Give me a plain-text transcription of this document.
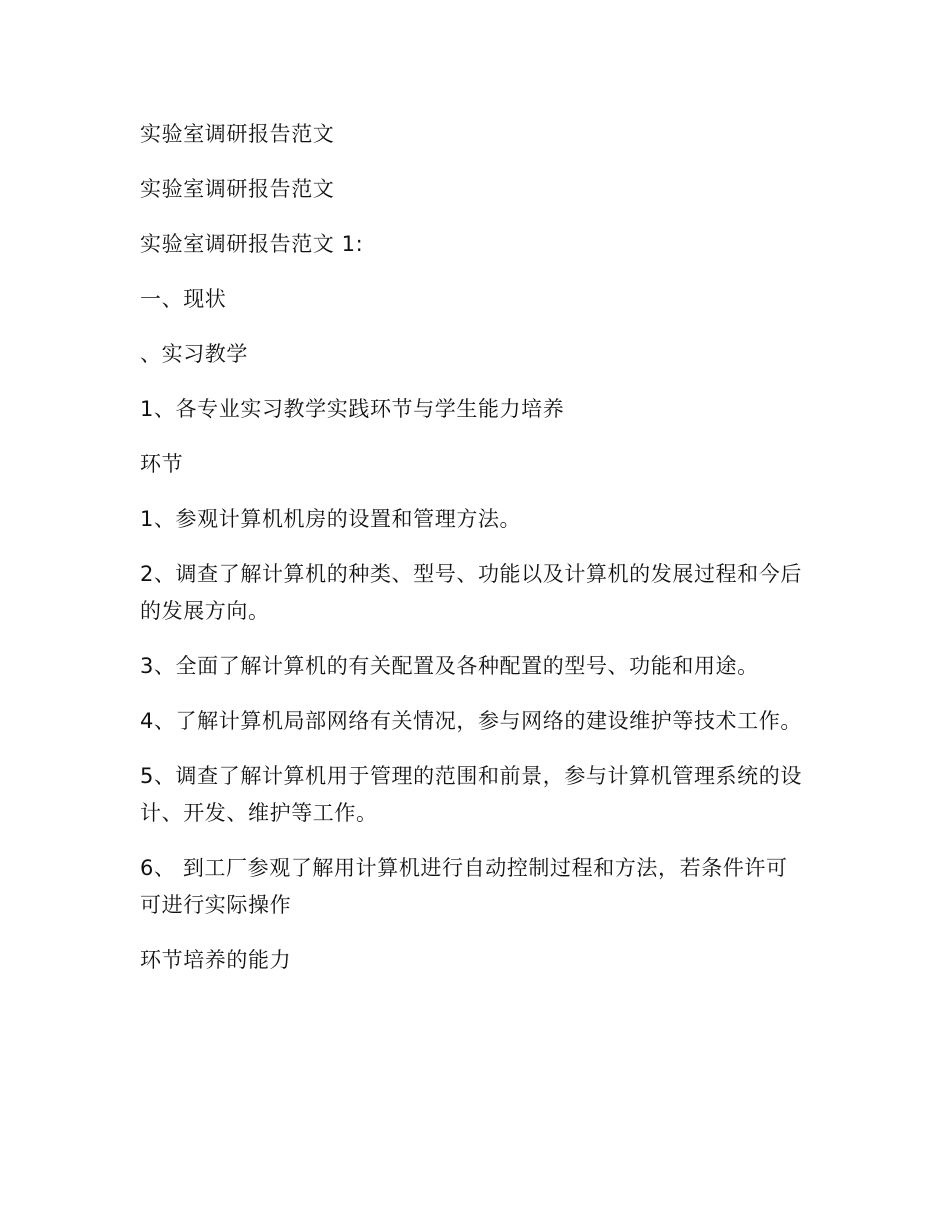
实验室调研报告范文

实验室调研报告范文

实验室调研报告范文 1:

一、现状

、实习教学

1、各专业实习教学实践环节与学生能力培养

环节

1、参观计算机机房的设置和管理方法。

2、调查了解计算机的种类、型号、功能以及计算机的发展过程和今后的发展方向。

3、全面了解计算机的有关配置及各种配置的型号、功能和用途。

4、了解计算机局部网络有关情况，参与网络的建设维护等技术工作。

5、调查了解计算机用于管理的范围和前景，参与计算机管理系统的设计、开发、维护等工作。

6、 到工厂参观了解用计算机进行自动控制过程和方法，若条件许可可进行实际操作

环节培养的能力
